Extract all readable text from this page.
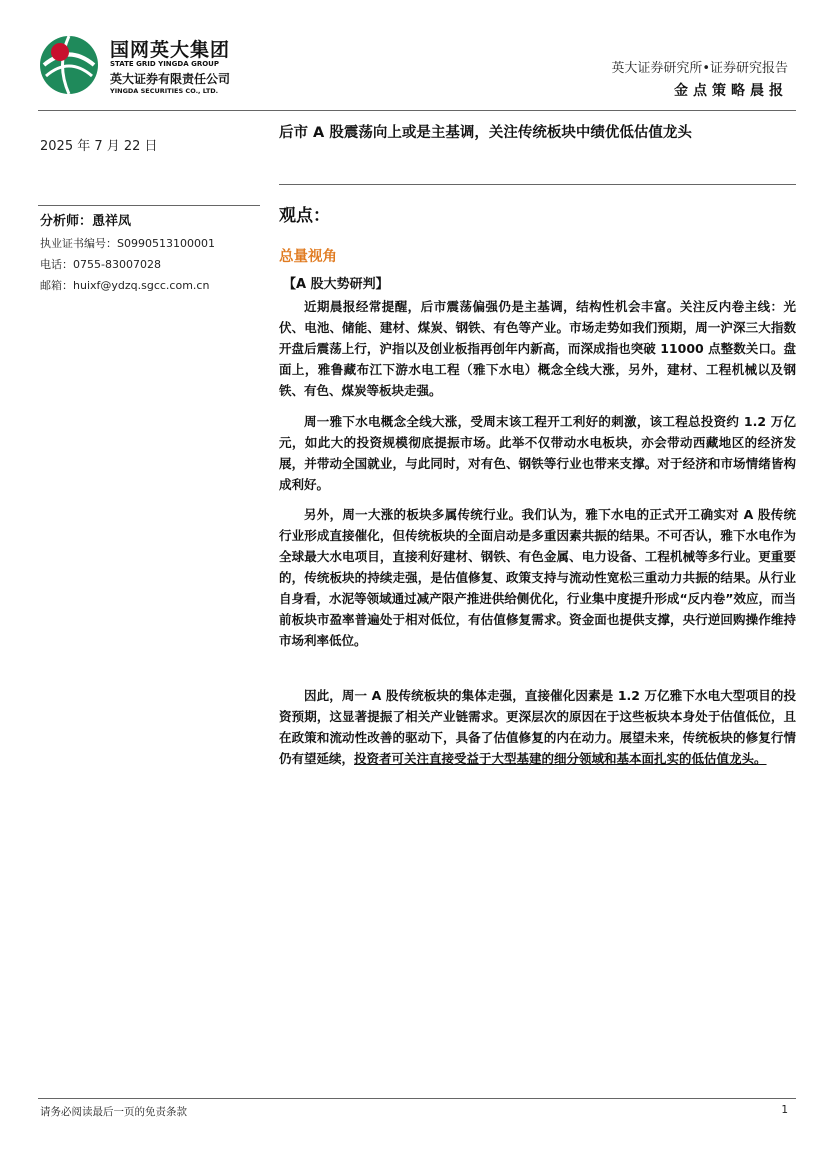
国网英大集团
STATE GRID YINGDA GROUP
英大证券有限责任公司
YINGDA SECURITIES CO., LTD.
英大证券研究所•证券研究报告
金点策略晨报
2025 年 7 月 22 日
后市 A 股震荡向上或是主基调，关注传统板块中绩优低估值龙头
分析师：恿祥凤
执业证书编号：S0990513100001
电话：0755-83007028
邮箱：huixf@ydzq.sgcc.com.cn
观点：
总量视角
【A 股大势研判】

近期晨报经常提醒，后市震荡偏强仍是主基调，结构性机会丰富。关注反内卷主线：光伏、电池、储能、建材、煤炭、钢铁、有色等产业。市场走势如我们预期，周一沪深三大指数开盘后震荡上行，沪指以及创业板指再创年内新高，而深成指也突破 11000 点整数关口。盘面上，雅鲁藏布江下游水电工程（雅下水电）概念全线大涨，另外，建材、工程机械以及钢铁、有色、煤炭等板块走强。

周一雅下水电概念全线大涨，受周末该工程开工利好的刺激，该工程总投资约 1.2 万亿元，如此大的投资规模彻底提振市场。此举不仅带动水电板块，亦会带动西藏地区的经济发展，并带动全国就业，与此同时，对有色、钢铁等行业也带来支撑。对于经济和市场情绪皆构成利好。

另外，周一大涨的板块多属传统行业。我们认为，雅下水电的正式开工确实对 A 股传统行业形成直接催化，但传统板块的全面启动是多重因素共振的结果。不可否认，雅下水电作为全球最大水电项目，直接利好建材、钢铁、有色金属、电力设备、工程机械等多行业。更重要的，传统板块的持续走强，是估值修复、政策支持与流动性宽松三重动力共振的结果。从行业自身看，水泥等领域通过减产限产推进供给侧优化，行业集中度提升形成“反内卷”效应，而当前板块市盈率普遍处于相对低位，有估值修复需求。资金面也提供支撑，央行逆回购操作维持市场利率低位。

因此，周一 A 股传统板块的集体走强，直接催化因素是 1.2 万亿雅下水电大型项目的投资预期，这显著提振了相关产业链需求。更深层次的原因在于这些板块本身处于估值低位，且在政策和流动性改善的驱动下，具备了估值修复的内在动力。展望未来，传统板块的修复行情仍有望延续，投资者可关注直接受益于大型基建的细分领域和基本面扎实的低估值龙头。

请务必阅读最后一页的免责条款	1
